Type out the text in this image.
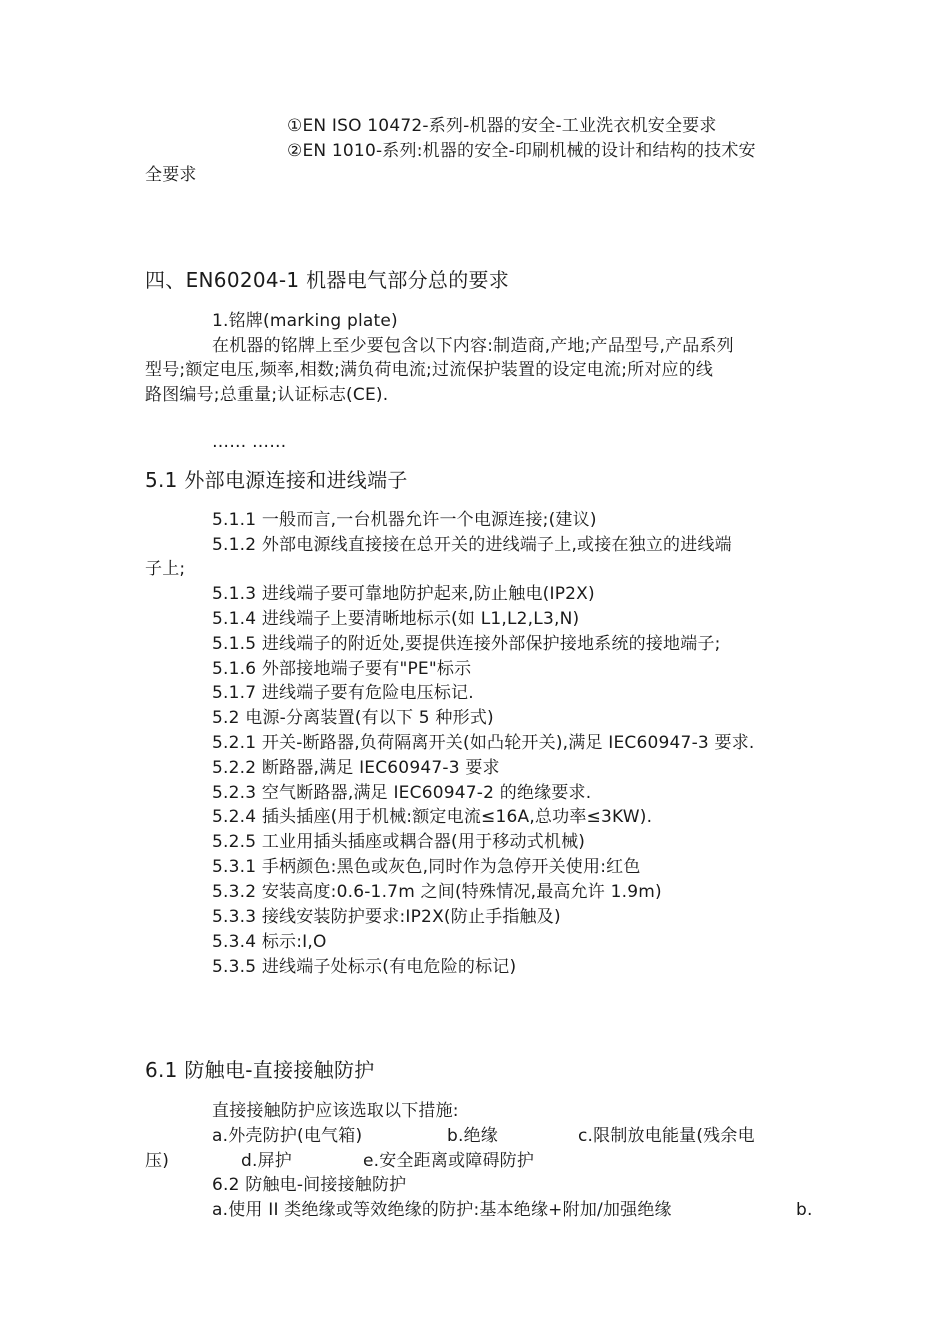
①EN ISO 10472-系列-机器的安全-工业洗衣机安全要求
②EN 1010-系列:机器的安全-印刷机械的设计和结构的技术安
全要求
四、EN60204-1 机器电气部分总的要求
1.铭牌(marking plate)
在机器的铭牌上至少要包含以下内容:制造商,产地;产品型号,产品系列
型号;额定电压,频率,相数;满负荷电流;过流保护装置的设定电流;所对应的线
路图编号;总重量;认证标志(CE).
…… ……
5.1 外部电源连接和进线端子
5.1.1 一般而言,一台机器允许一个电源连接;(建议)
5.1.2 外部电源线直接接在总开关的进线端子上,或接在独立的进线端
子上;
5.1.3 进线端子要可靠地防护起来,防止触电(IP2X)
5.1.4 进线端子上要清晰地标示(如 L1,L2,L3,N)
5.1.5 进线端子的附近处,要提供连接外部保护接地系统的接地端子;
5.1.6 外部接地端子要有"PE"标示
5.1.7 进线端子要有危险电压标记.
5.2 电源-分离装置(有以下 5 种形式)
5.2.1 开关-断路器,负荷隔离开关(如凸轮开关),满足 IEC60947-3 要求.
5.2.2 断路器,满足 IEC60947-3 要求
5.2.3 空气断路器,满足 IEC60947-2 的绝缘要求.
5.2.4 插头插座(用于机械:额定电流≤16A,总功率≤3KW).
5.2.5 工业用插头插座或耦合器(用于移动式机械)
5.3.1 手柄颜色:黑色或灰色,同时作为急停开关使用:红色
5.3.2 安装高度:0.6-1.7m 之间(特殊情况,最高允许 1.9m)
5.3.3 接线安装防护要求:IP2X(防止手指触及)
5.3.4 标示:I,O
5.3.5 进线端子处标示(有电危险的标记)
6.1 防触电-直接接触防护
直接接触防护应该选取以下措施:
a.外壳防护(电气箱)	b.绝缘	c.限制放电能量(残余电
压)	d.屏护	e.安全距离或障碍防护
6.2 防触电-间接接触防护
a.使用 II 类绝缘或等效绝缘的防护:基本绝缘+附加/加强绝缘	b.
